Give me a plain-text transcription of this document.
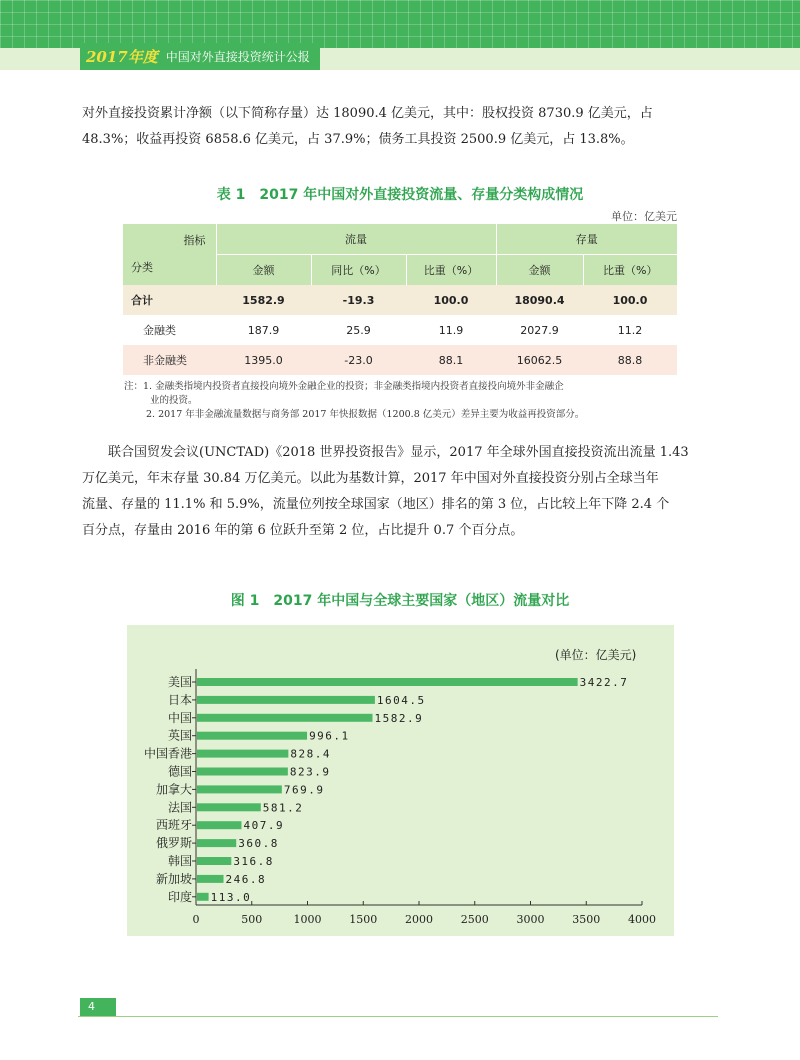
2017年度 中国对外直接投资统计公报
对外直接投资累计净额（以下简称存量）达 18090.4 亿美元，其中：股权投资 8730.9 亿美元，占
48.3%；收益再投资 6858.6 亿美元，占 37.9%；债务工具投资 2500.9 亿美元，占 13.8%。
表 1　2017 年中国对外直接投资流量、存量分类构成情况
单位：亿美元
指标
分类	流量			存量	
	金额	同比（%）	比重（%）	金额	比重（%）
合计	1582.9	-19.3	100.0	18090.4	100.0
金融类	187.9	25.9	11.9	2027.9	11.2
非金融类	1395.0	-23.0	88.1	16062.5	88.8

注：1. 金融类指境内投资者直接投向境外金融企业的投资；非金融类指境内投资者直接投向境外非金融企

业的投资。

2. 2017 年非金融流量数据与商务部 2017 年快报数据（1200.8 亿美元）差异主要为收益再投资部分。

联合国贸发会议(UNCTAD)《2018 世界投资报告》显示，2017 年全球外国直接投资流出流量 1.43
万亿美元，年末存量 30.84 万亿美元。以此为基数计算，2017 年中国对外直接投资分别占全球当年
流量、存量的 11.1% 和 5.9%，流量位列按全球国家（地区）排名的第 3 位，占比较上年下降 2.4 个
百分点，存量由 2016 年的第 6 位跃升至第 2 位，占比提升 0.7 个百分点。
图 1　2017 年中国与全球主要国家（地区）流量对比
(单位：亿美元)
0	500	1000	1500	2000	2500	3000	3500	4000
美国	3422.7
日本	1604.5
中国	1582.9
英国	996.1
中国香港	828.4
德国	823.9
加拿大	769.9
法国	581.2
西班牙	407.9
俄罗斯	360.8
韩国	316.8
新加坡	246.8
印度 113.0
4
